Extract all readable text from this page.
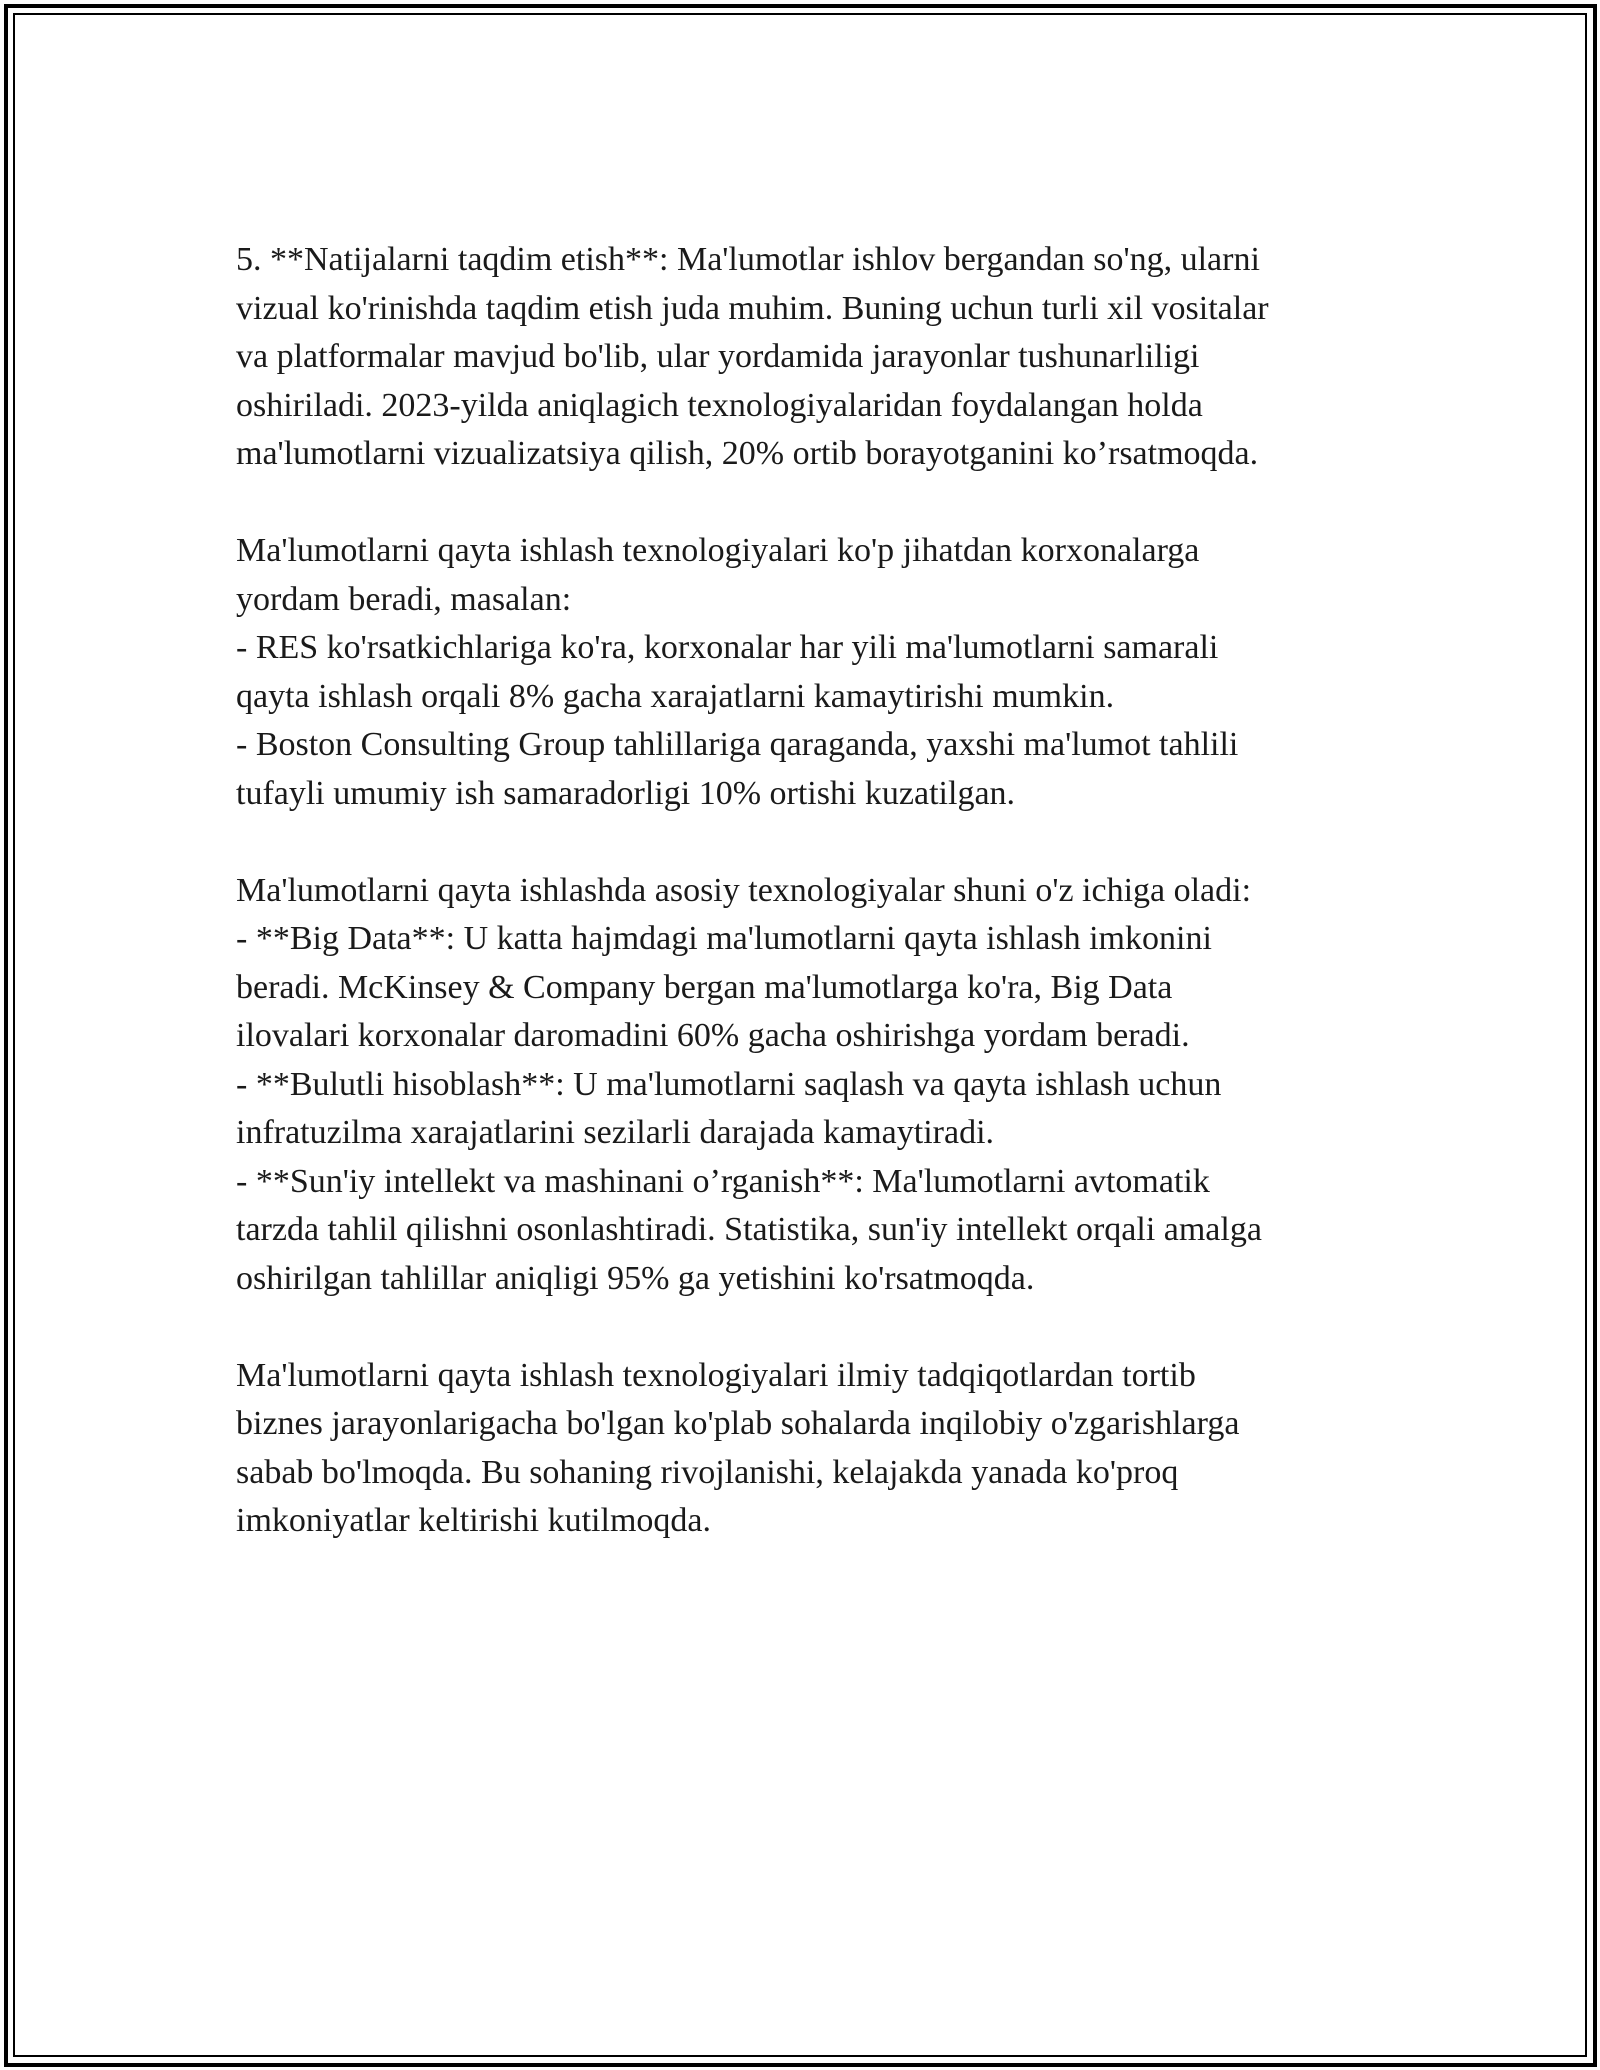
5. **Natijalarni taqdim etish**: Ma'lumotlar ishlov bergandan so'ng, ularni
vizual ko'rinishda taqdim etish juda muhim. Buning uchun turli xil vositalar
va platformalar mavjud bo'lib, ular yordamida jarayonlar tushunarliligi
oshiriladi. 2023-yilda aniqlagich texnologiyalaridan foydalangan holda
ma'lumotlarni vizualizatsiya qilish, 20% ortib borayotganini ko’rsatmoqda.

Ma'lumotlarni qayta ishlash texnologiyalari ko'p jihatdan korxonalarga
yordam beradi, masalan:
- RES ko'rsatkichlariga ko'ra, korxonalar har yili ma'lumotlarni samarali
qayta ishlash orqali 8% gacha xarajatlarni kamaytirishi mumkin.
- Boston Consulting Group tahlillariga qaraganda, yaxshi ma'lumot tahlili
tufayli umumiy ish samaradorligi 10% ortishi kuzatilgan.

Ma'lumotlarni qayta ishlashda asosiy texnologiyalar shuni o'z ichiga oladi:
- **Big Data**: U katta hajmdagi ma'lumotlarni qayta ishlash imkonini
beradi. McKinsey & Company bergan ma'lumotlarga ko'ra, Big Data
ilovalari korxonalar daromadini 60% gacha oshirishga yordam beradi.
- **Bulutli hisoblash**: U ma'lumotlarni saqlash va qayta ishlash uchun
infratuzilma xarajatlarini sezilarli darajada kamaytiradi.
- **Sun'iy intellekt va mashinani o’rganish**: Ma'lumotlarni avtomatik
tarzda tahlil qilishni osonlashtiradi. Statistika, sun'iy intellekt orqali amalga
oshirilgan tahlillar aniqligi 95% ga yetishini ko'rsatmoqda.

Ma'lumotlarni qayta ishlash texnologiyalari ilmiy tadqiqotlardan tortib
biznes jarayonlarigacha bo'lgan ko'plab sohalarda inqilobiy o'zgarishlarga
sabab bo'lmoqda. Bu sohaning rivojlanishi, kelajakda yanada ko'proq
imkoniyatlar keltirishi kutilmoqda.
